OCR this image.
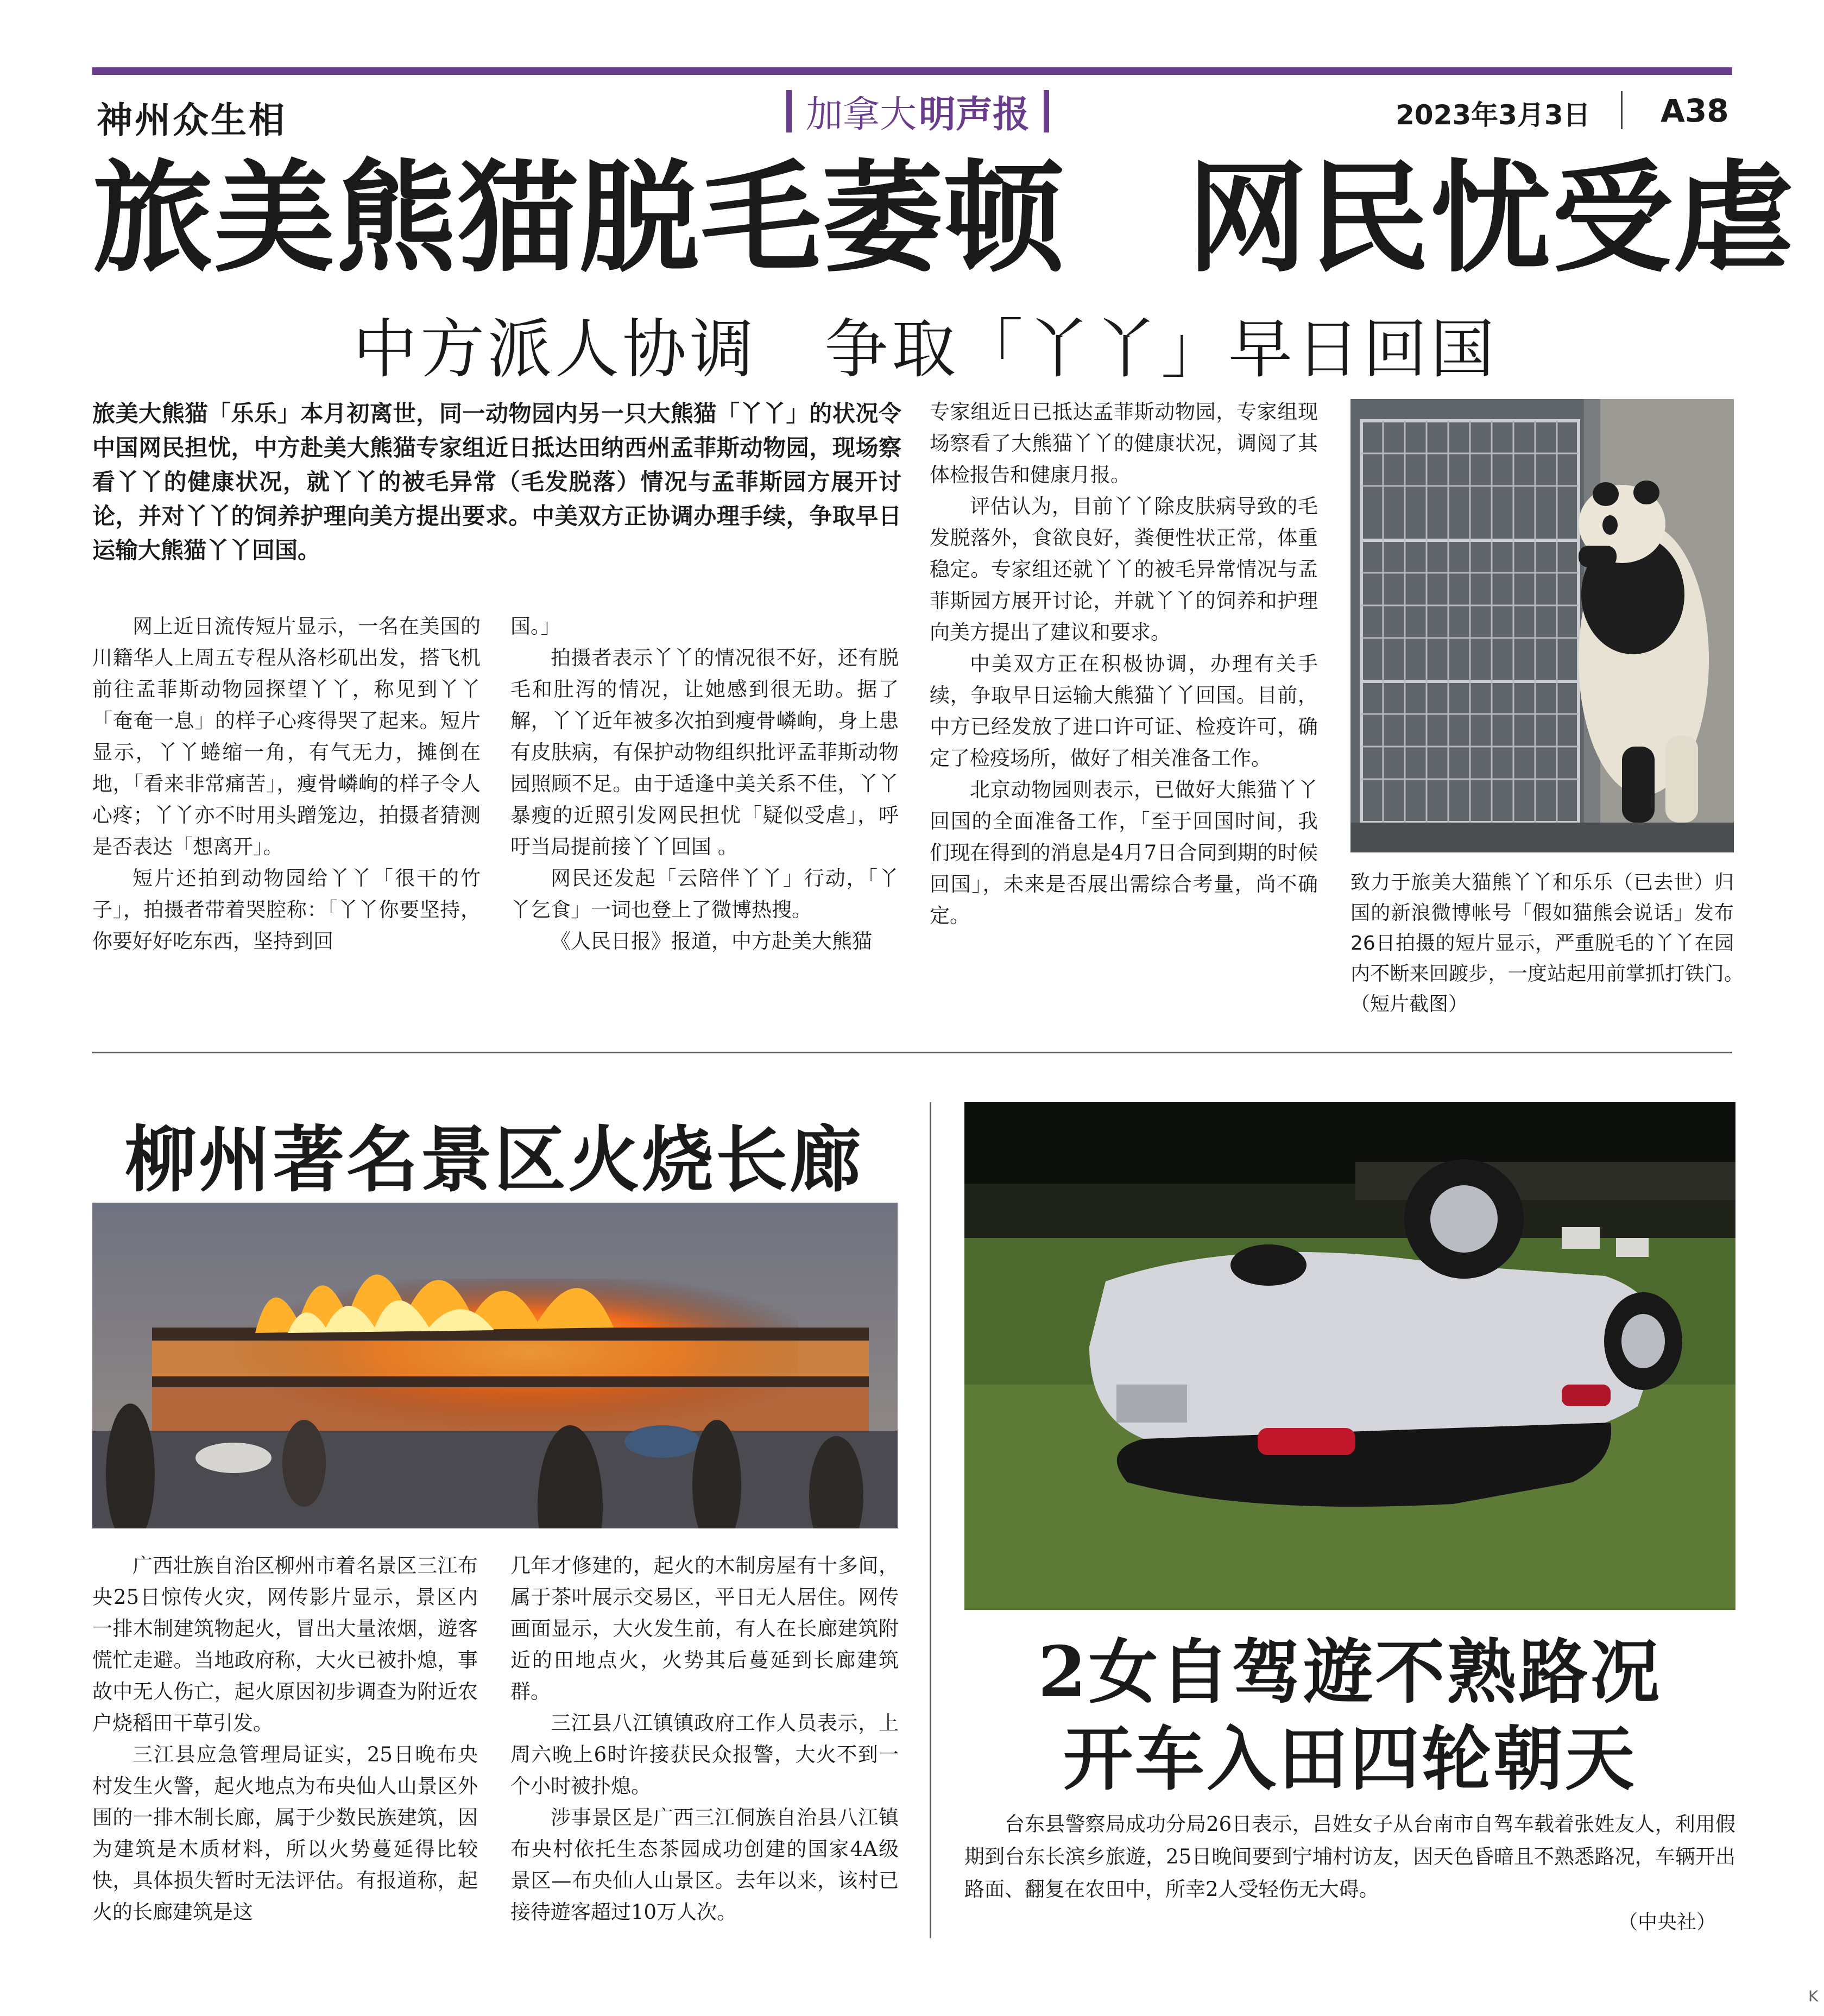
神州众生相	加拿大 明声报	2023年3月3日 A38
旅美熊猫脱毛萎顿　网民忧受虐
中方派人协调　争取「丫丫」早日回国
旅美大熊猫「乐乐」本月初离世，同一动物园内另一只大熊猫「丫丫」的状况令中国网民担忧，中方赴美大熊猫专家组近日抵达田纳西州孟菲斯动物园，现场察看丫丫的健康状况，就丫丫的被毛异常（毛发脱落）情况与孟菲斯园方展开讨论，并对丫丫的饲养护理向美方提出要求。中美双方正协调办理手续，争取早日运输大熊猫丫丫回国。

网上近日流传短片显示，一名在美国的川籍华人上周五专程从洛杉矶出发，搭飞机前往孟菲斯动物园探望丫丫，称见到丫丫「奄奄一息」的样子心疼得哭了起来。短片显示，丫丫蜷缩一角，有气无力，摊倒在地，「看来非常痛苦」，瘦骨嶙峋的样子令人心疼；丫丫亦不时用头蹭笼边，拍摄者猜测是否表达「想离开」。

短片还拍到动物园给丫丫「很干的竹子」，拍摄者带着哭腔称：「丫丫你要坚持，你要好好吃东西，坚持到回

国。」

拍摄者表示丫丫的情况很不好，还有脱毛和肚泻的情况，让她感到很无助。据了解，丫丫近年被多次拍到瘦骨嶙峋，身上患有皮肤病，有保护动物组织批评孟菲斯动物园照顾不足。由于适逢中美关系不佳，丫丫暴瘦的近照引发网民担忧「疑似受虐」，呼吁当局提前接丫丫回国 。

网民还发起「云陪伴丫丫」行动，「丫丫乞食」一词也登上了微博热搜。

《人民日报》报道，中方赴美大熊猫

专家组近日已抵达孟菲斯动物园，专家组现场察看了大熊猫丫丫的健康状况，调阅了其体检报告和健康月报。

评估认为，目前丫丫除皮肤病导致的毛发脱落外，食欲良好，粪便性状正常，体重稳定。专家组还就丫丫的被毛异常情况与孟菲斯园方展开讨论，并就丫丫的饲养和护理向美方提出了建议和要求。

中美双方正在积极协调，办理有关手续，争取早日运输大熊猫丫丫回国。目前，中方已经发放了进口许可证、检疫许可，确定了检疫场所，做好了相关准备工作。

北京动物园则表示，已做好大熊猫丫丫回国的全面准备工作，「至于回国时间，我们现在得到的消息是4月7日合同到期的时候回国」，未来是否展出需综合考量，尚不确定。

致力于旅美大猫熊丫丫和乐乐（已去世）归国的新浪微博帐号「假如猫熊会说话」发布26日拍摄的短片显示，严重脱毛的丫丫在园内不断来回踱步，一度站起用前掌抓打铁门。　　（短片截图）
柳州著名景区火烧长廊

广西壮族自治区柳州市着名景区三江布央25日惊传火灾，网传影片显示，景区内一排木制建筑物起火，冒出大量浓烟，遊客慌忙走避。当地政府称，大火已被扑熄，事故中无人伤亡，起火原因初步调查为附近农户烧稻田干草引发。

三江县应急管理局证实，25日晚布央村发生火警，起火地点为布央仙人山景区外围的一排木制长廊，属于少数民族建筑，因为建筑是木质材料，所以火势蔓延得比较快，具体损失暂时无法评估。有报道称，起火的长廊建筑是这

几年才修建的，起火的木制房屋有十多间，属于茶叶展示交易区，平日无人居住。网传画面显示，大火发生前，有人在长廊建筑附近的田地点火，火势其后蔓延到长廊建筑群。

三江县八江镇镇政府工作人员表示，上周六晚上6时许接获民众报警，大火不到一个小时被扑熄。

涉事景区是广西三江侗族自治县八江镇布央村依托生态茶园成功创建的国家4A级景区—布央仙人山景区。去年以来，该村已接待遊客超过10万人次。

2女自驾遊不熟路况
开车入田四轮朝天
台东县警察局成功分局26日表示，吕姓女子从台南市自驾车载着张姓友人，利用假期到台东长滨乡旅遊，25日晚间要到宁埔村访友，因天色昏暗且不熟悉路况，车辆开出路面、翻复在农田中，所幸2人受轻伤无大碍。
（中央社）
K
